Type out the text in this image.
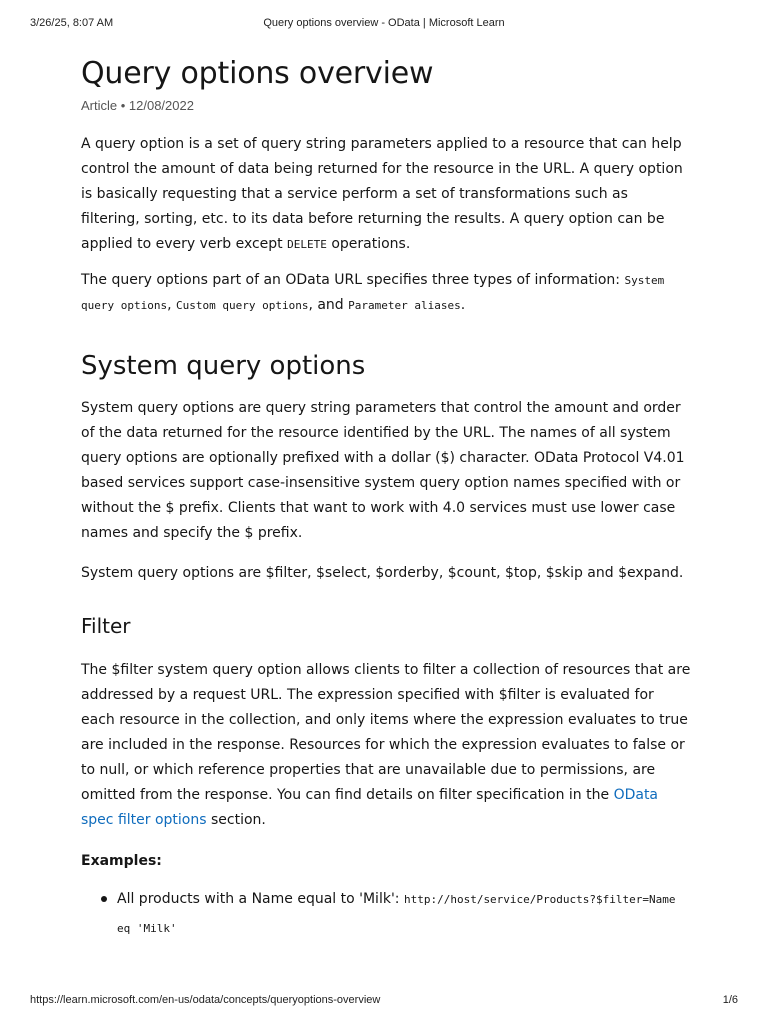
3/26/25, 8:07 AM	Query options overview - OData | Microsoft Learn
Query options overview
Article • 12/08/2022

A query option is a set of query string parameters applied to a resource that can help control the amount of data being returned for the resource in the URL. A query option is basically requesting that a service perform a set of transformations such as filtering, sorting, etc. to its data before returning the results. A query option can be applied to every verb except DELETE operations.

The query options part of an OData URL specifies three types of information: System query options, Custom query options, and Parameter aliases.

System query options

System query options are query string parameters that control the amount and order of the data returned for the resource identified by the URL. The names of all system query options are optionally prefixed with a dollar ($) character. OData Protocol V4.01 based services support case-insensitive system query option names specified with or without the $ prefix. Clients that want to work with 4.0 services must use lower case names and specify the $ prefix.

System query options are $filter, $select, $orderby, $count, $top, $skip and $expand.

Filter

The $filter system query option allows clients to filter a collection of resources that are addressed by a request URL. The expression specified with $filter is evaluated for each resource in the collection, and only items where the expression evaluates to true are included in the response. Resources for which the expression evaluates to false or to null, or which reference properties that are unavailable due to permissions, are omitted from the response. You can find details on filter specification in the OData spec filter options section.

Examples:
All products with a Name equal to 'Milk': http://host/service/Products?$filter=Name eq 'Milk'
https://learn.microsoft.com/en-us/odata/concepts/queryoptions-overview	1/6
